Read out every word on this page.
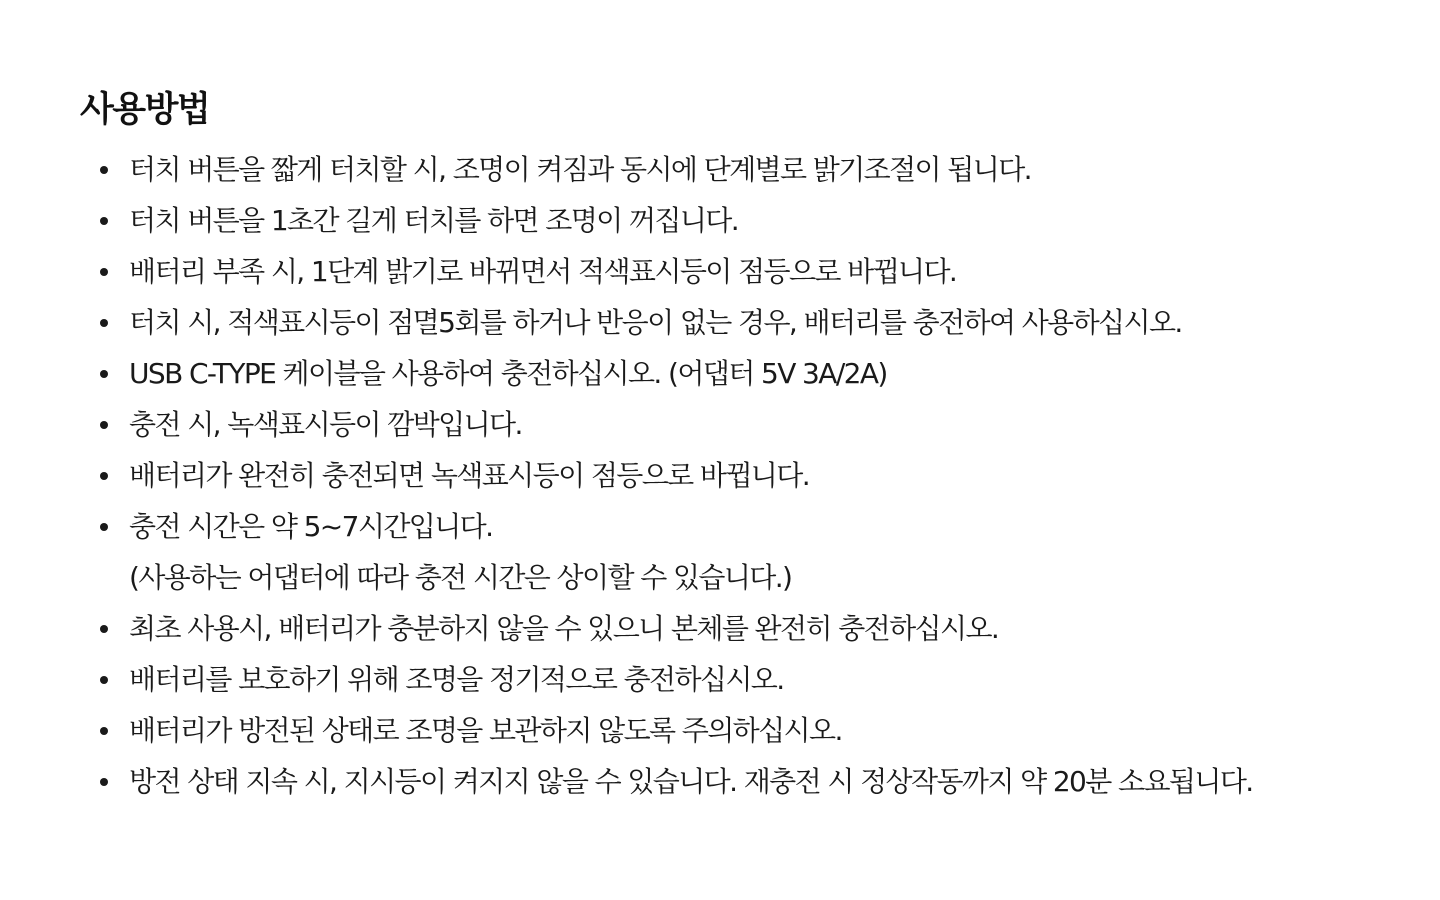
사용방법
터치 버튼을 짧게 터치할 시, 조명이 켜짐과 동시에 단계별로 밝기조절이 됩니다.
터치 버튼을 1초간 길게 터치를 하면 조명이 꺼집니다.
배터리 부족 시, 1단계 밝기로 바뀌면서 적색표시등이 점등으로 바뀝니다.
터치 시, 적색표시등이 점멸5회를 하거나 반응이 없는 경우, 배터리를 충전하여 사용하십시오.
USB C-TYPE 케이블을 사용하여 충전하십시오. (어댑터 5V 3A/2A)
충전 시, 녹색표시등이 깜박입니다.
배터리가 완전히 충전되면 녹색표시등이 점등으로 바뀝니다.
충전 시간은 약 5~7시간입니다.
(사용하는 어댑터에 따라 충전 시간은 상이할 수 있습니다.)
최초 사용시, 배터리가 충분하지 않을 수 있으니 본체를 완전히 충전하십시오.
배터리를 보호하기 위해 조명을 정기적으로 충전하십시오.
배터리가 방전된 상태로 조명을 보관하지 않도록 주의하십시오.
방전 상태 지속 시, 지시등이 켜지지 않을 수 있습니다. 재충전 시 정상작동까지 약 20분 소요됩니다.
